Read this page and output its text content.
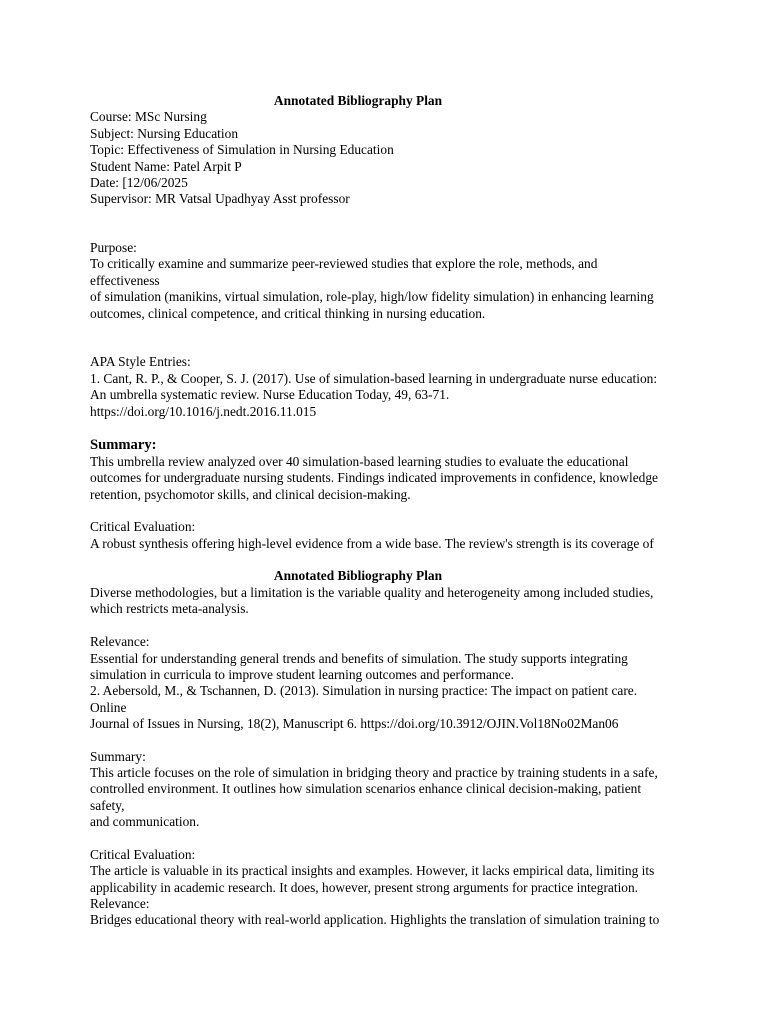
Annotated Bibliography Plan
Course: MSc Nursing
Subject: Nursing Education
Topic: Effectiveness of Simulation in Nursing Education
Student Name: Patel Arpit P
Date: [12/06/2025
Supervisor: MR Vatsal Upadhyay Asst professor
Purpose:
To critically examine and summarize peer-reviewed studies that explore the role, methods, and
effectiveness
of simulation (manikins, virtual simulation, role-play, high/low fidelity simulation) in enhancing learning
outcomes, clinical competence, and critical thinking in nursing education.
APA Style Entries:
1. Cant, R. P., & Cooper, S. J. (2017). Use of simulation-based learning in undergraduate nurse education:
An umbrella systematic review. Nurse Education Today, 49, 63-71.
https://doi.org/10.1016/j.nedt.2016.11.015
Summary:
This umbrella review analyzed over 40 simulation-based learning studies to evaluate the educational
outcomes for undergraduate nursing students. Findings indicated improvements in confidence, knowledge
retention, psychomotor skills, and clinical decision-making.
Critical Evaluation:
A robust synthesis offering high-level evidence from a wide base. The review's strength is its coverage of
Annotated Bibliography Plan
Diverse methodologies, but a limitation is the variable quality and heterogeneity among included studies,
which restricts meta-analysis.
Relevance:
Essential for understanding general trends and benefits of simulation. The study supports integrating
simulation in curricula to improve student learning outcomes and performance.
2. Aebersold, M., & Tschannen, D. (2013). Simulation in nursing practice: The impact on patient care.
Online
Journal of Issues in Nursing, 18(2), Manuscript 6. https://doi.org/10.3912/OJIN.Vol18No02Man06
Summary:
This article focuses on the role of simulation in bridging theory and practice by training students in a safe,
controlled environment. It outlines how simulation scenarios enhance clinical decision-making, patient
safety,
and communication.
Critical Evaluation:
The article is valuable in its practical insights and examples. However, it lacks empirical data, limiting its
applicability in academic research. It does, however, present strong arguments for practice integration.
Relevance:
Bridges educational theory with real-world application. Highlights the translation of simulation training to
